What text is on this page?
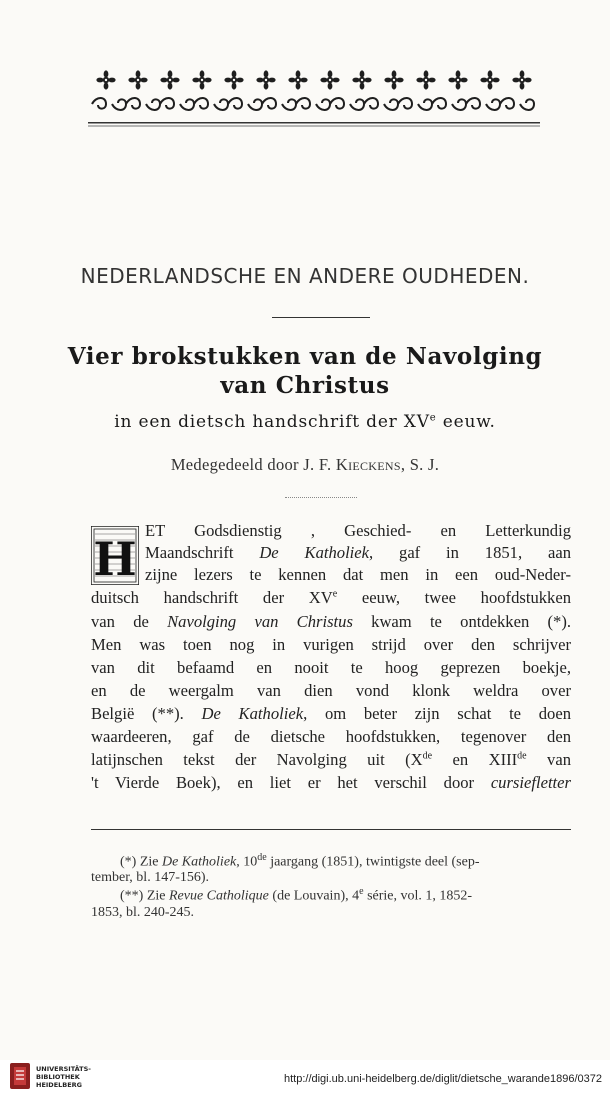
NEDERLANDSCHE EN ANDERE OUDHEDEN.
Vier brokstukken van de Navolging
van Christus
in een dietsch handschrift der XVe eeuw.
Medegedeeld door J. F. Kieckens, S. J.
H
ET Godsdienstig , Geschied- en Letterkundig
Maandschrift De Katholiek, gaf in 1851, aan
zijne lezers te kennen dat men in een oud-Neder-
duitsch handschrift der XVe eeuw, twee hoofdstukken
van de Navolging van Christus kwam te ontdekken (*).
Men was toen nog in vurigen strijd over den schrijver
van dit befaamd en nooit te hoog geprezen boekje,
en de weergalm van dien vond klonk weldra over
België (**). De Katholiek, om beter zijn schat te doen
waardeeren, gaf de dietsche hoofdstukken, tegenover den
latijnschen tekst der Navolging uit (Xde en XIIIde van
't Vierde Boek), en liet er het verschil door cursiefletter
(*) Zie De Katholiek, 10de jaargang (1851), twintigste deel (sep-
tember, bl. 147-156).
(**) Zie Revue Catholique (de Louvain), 4e série, vol. 1, 1852-
1853, bl. 240-245.
UNIVERSITÄTS-
BIBLIOTHEK
HEIDELBERG	http://digi.ub.uni-heidelberg.de/diglit/dietsche_warande1896/0372
